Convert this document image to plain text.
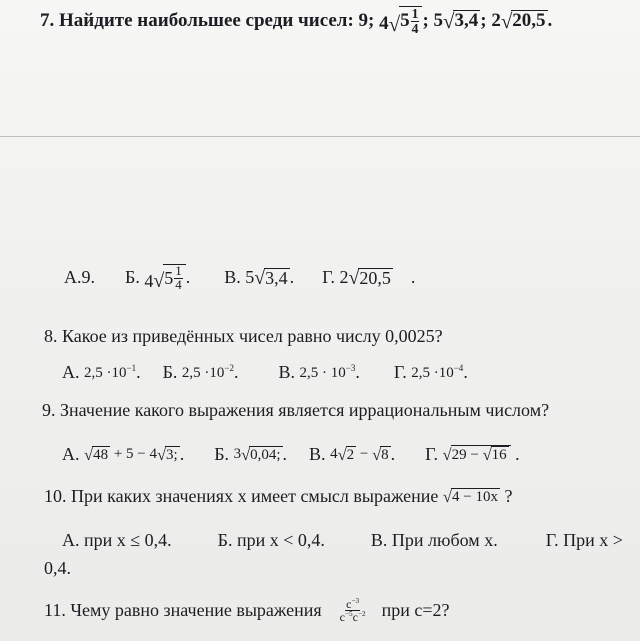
7. Найдите наибольшее среди чисел: 9;
4 √ $5 \frac{1}{4}$ ;
5 √ 3,4 ;
2 √ 20,5 .
А.9. Б.
4 √ $5 \frac{1}{4}$ . В.
5 √ 3,4 . Г.
2 √ 20,5 .
8. Какое из приведённых чисел равно числу 0,0025?
А.
$2,5 \cdot 10^{-1}$ . Б.
$2,5 \cdot 10^{-2}$ . В.
$2,5 \cdot 10^{-3}$ . Г.
$2,5 \cdot 10^{-4}$ .
9. Значение какого выражения является иррациональным числом?
А.
√ 48
+ 5 − 4 √ 3; . Б.
3 √ 0,04; . В.
4 √ 2
−
√ 8 . Г.
√ 29 −
√ 16
.
10. При каких значениях х имеет смысл выражение
√ 4 − 10x
?
А. при х ≤ 0,4.	Б. при х < 0,4.	В. При любом х.	Г. При х >
0,4.
11. Чему равно значение выражения $\frac{c^{-3}}{c^{-5}c^{-2}}$ при с=2?
